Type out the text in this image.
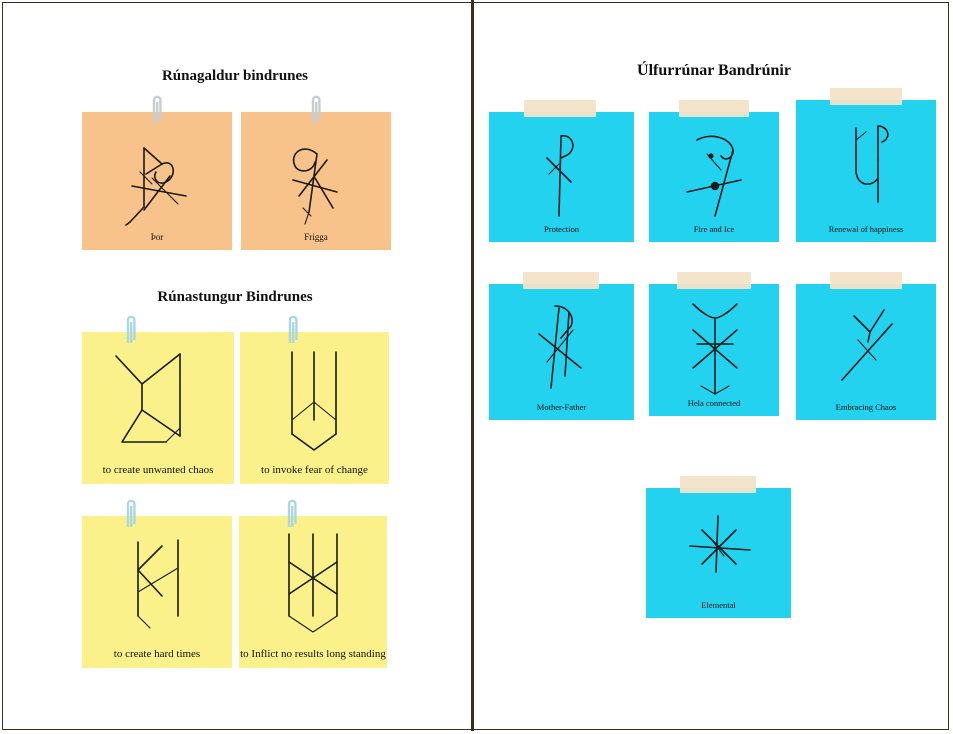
Rúnagaldur bindrunes
Þor	Frigga
Rúnastungur Bindrunes
to create unwanted chaos	to invoke fear of change
to create hard times	to Inflict no results long standing
Úlfurrúnar Bandrúnir
Protection	Fire and Ice	Renewal of happiness
Mother-Father	Hela connected	Embracing Chaos
Elemental
